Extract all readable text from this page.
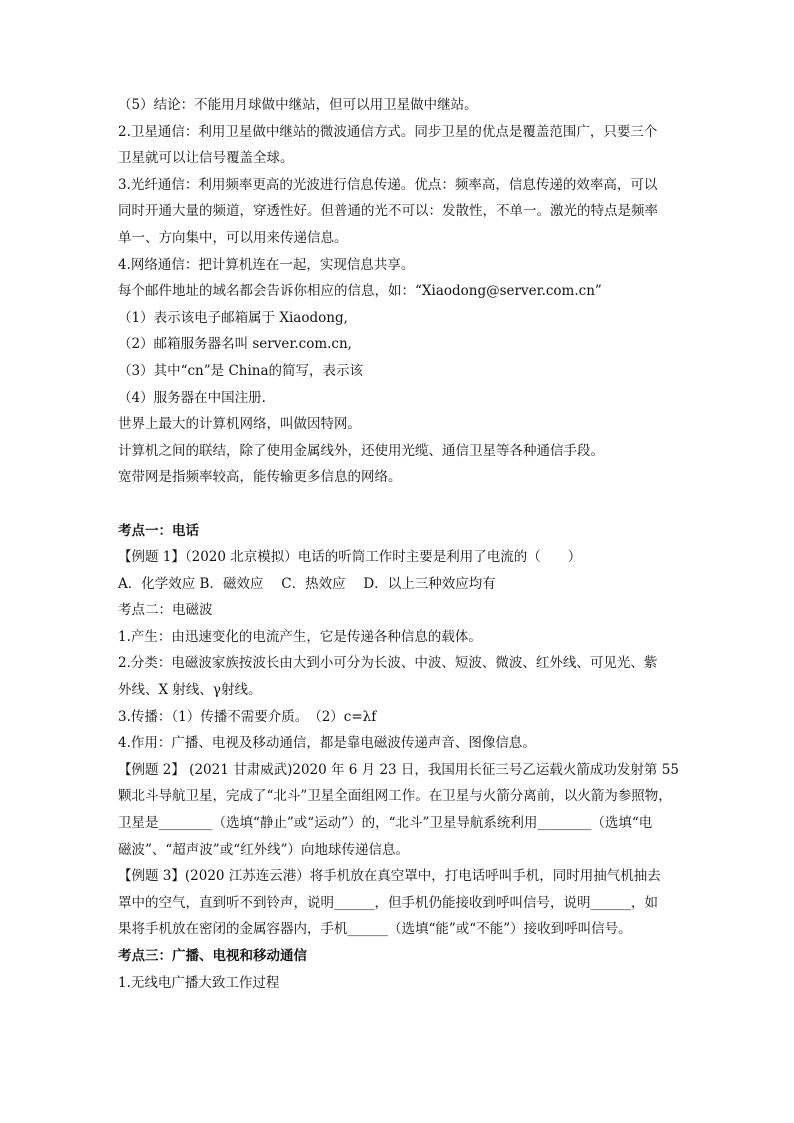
（5）结论：不能用月球做中继站，但可以用卫星做中继站。
2.卫星通信：利用卫星做中继站的微波通信方式。同步卫星的优点是覆盖范围广，只要三个
卫星就可以让信号覆盖全球。
3.光纤通信：利用频率更高的光波进行信息传递。优点：频率高，信息传递的效率高，可以
同时开通大量的频道，穿透性好。但普通的光不可以：发散性，不单一。激光的特点是频率
单一、方向集中，可以用来传递信息。
4.网络通信：把计算机连在一起，实现信息共享。
每个邮件地址的域名都会告诉你相应的信息，如：“Xiaodong@server.com.cn”
（1）表示该电子邮箱属于 Xiaodong,
（2）邮箱服务器名叫 server.com.cn,
（3）其中“cn”是 China的简写，表示该
（4）服务器在中国注册.
世界上最大的计算机网络，叫做因特网。
计算机之间的联结，除了使用金属线外，还使用光缆、通信卫星等各种通信手段。
宽带网是指频率较高，能传输更多信息的网络。
考点一：电话
【例题 1】（2020 北京模拟）电话的听筒工作时主要是利用了电流的（　　）
A．化学效应 B．磁效应　 C．热效应　 D．以上三种效应均有
考点二：电磁波
1.产生：由迅速变化的电流产生，它是传递各种信息的载体。
2.分类：电磁波家族按波长由大到小可分为长波、中波、短波、微波、红外线、可见光、紫
外线、X 射线、γ射线。
3.传播：（1）传播不需要介质。　（2）c=λf
4.作用：广播、电视及移动通信，都是靠电磁波传递声音、图像信息。
【例题 2】 (2021 甘肃威武)2020 年 6 月 23 日，我国用长征三号乙运载火箭成功发射第 55
颗北斗导航卫星，完成了“北斗”卫星全面组网工作。在卫星与火箭分离前，以火箭为参照物，
卫星是________（选填“静止”或“运动”）的，“北斗”卫星导航系统利用________（选填“电
磁波”、“超声波”或“红外线”）向地球传递信息。
【例题 3】(2020 江苏连云港）将手机放在真空罩中，打电话呼叫手机，同时用抽气机抽去
罩中的空气，直到听不到铃声，说明______，但手机仍能接收到呼叫信号，说明______，如
果将手机放在密闭的金属容器内，手机______（选填“能”或“不能”）接收到呼叫信号。
考点三：广播、电视和移动通信
1.无线电广播大致工作过程
